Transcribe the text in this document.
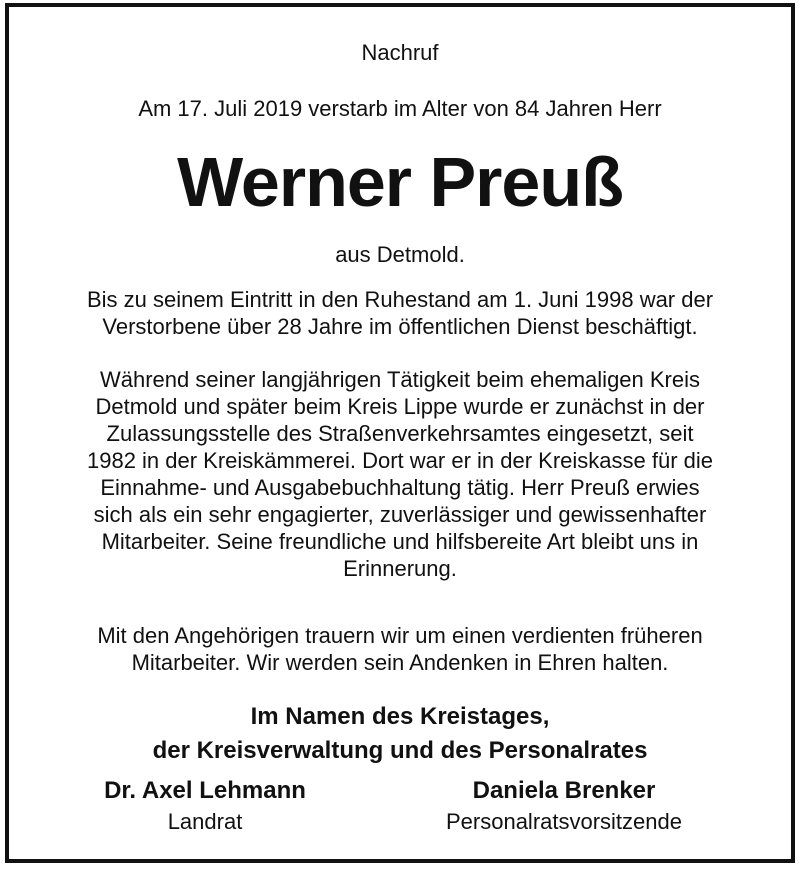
Nachruf
Am 17. Juli 2019 verstarb im Alter von 84 Jahren Herr
Werner Preuß
aus Detmold.
Bis zu seinem Eintritt in den Ruhestand am 1. Juni 1998 war der
Verstorbene über 28 Jahre im öffentlichen Dienst beschäftigt.
Während seiner langjährigen Tätigkeit beim ehemaligen Kreis
Detmold und später beim Kreis Lippe wurde er zunächst in der
Zulassungsstelle des Straßenverkehrsamtes eingesetzt, seit
1982 in der Kreiskämmerei. Dort war er in der Kreiskasse für die
Einnahme- und Ausgabebuchhaltung tätig. Herr Preuß erwies
sich als ein sehr engagierter, zuverlässiger und gewissenhafter
Mitarbeiter. Seine freundliche und hilfsbereite Art bleibt uns in
Erinnerung.
Mit den Angehörigen trauern wir um einen verdienten früheren
Mitarbeiter. Wir werden sein Andenken in Ehren halten.
Im Namen des Kreistages,
der Kreisverwaltung und des Personalrates
Dr. Axel Lehmann
Landrat
Daniela Brenker
Personalratsvorsitzende
